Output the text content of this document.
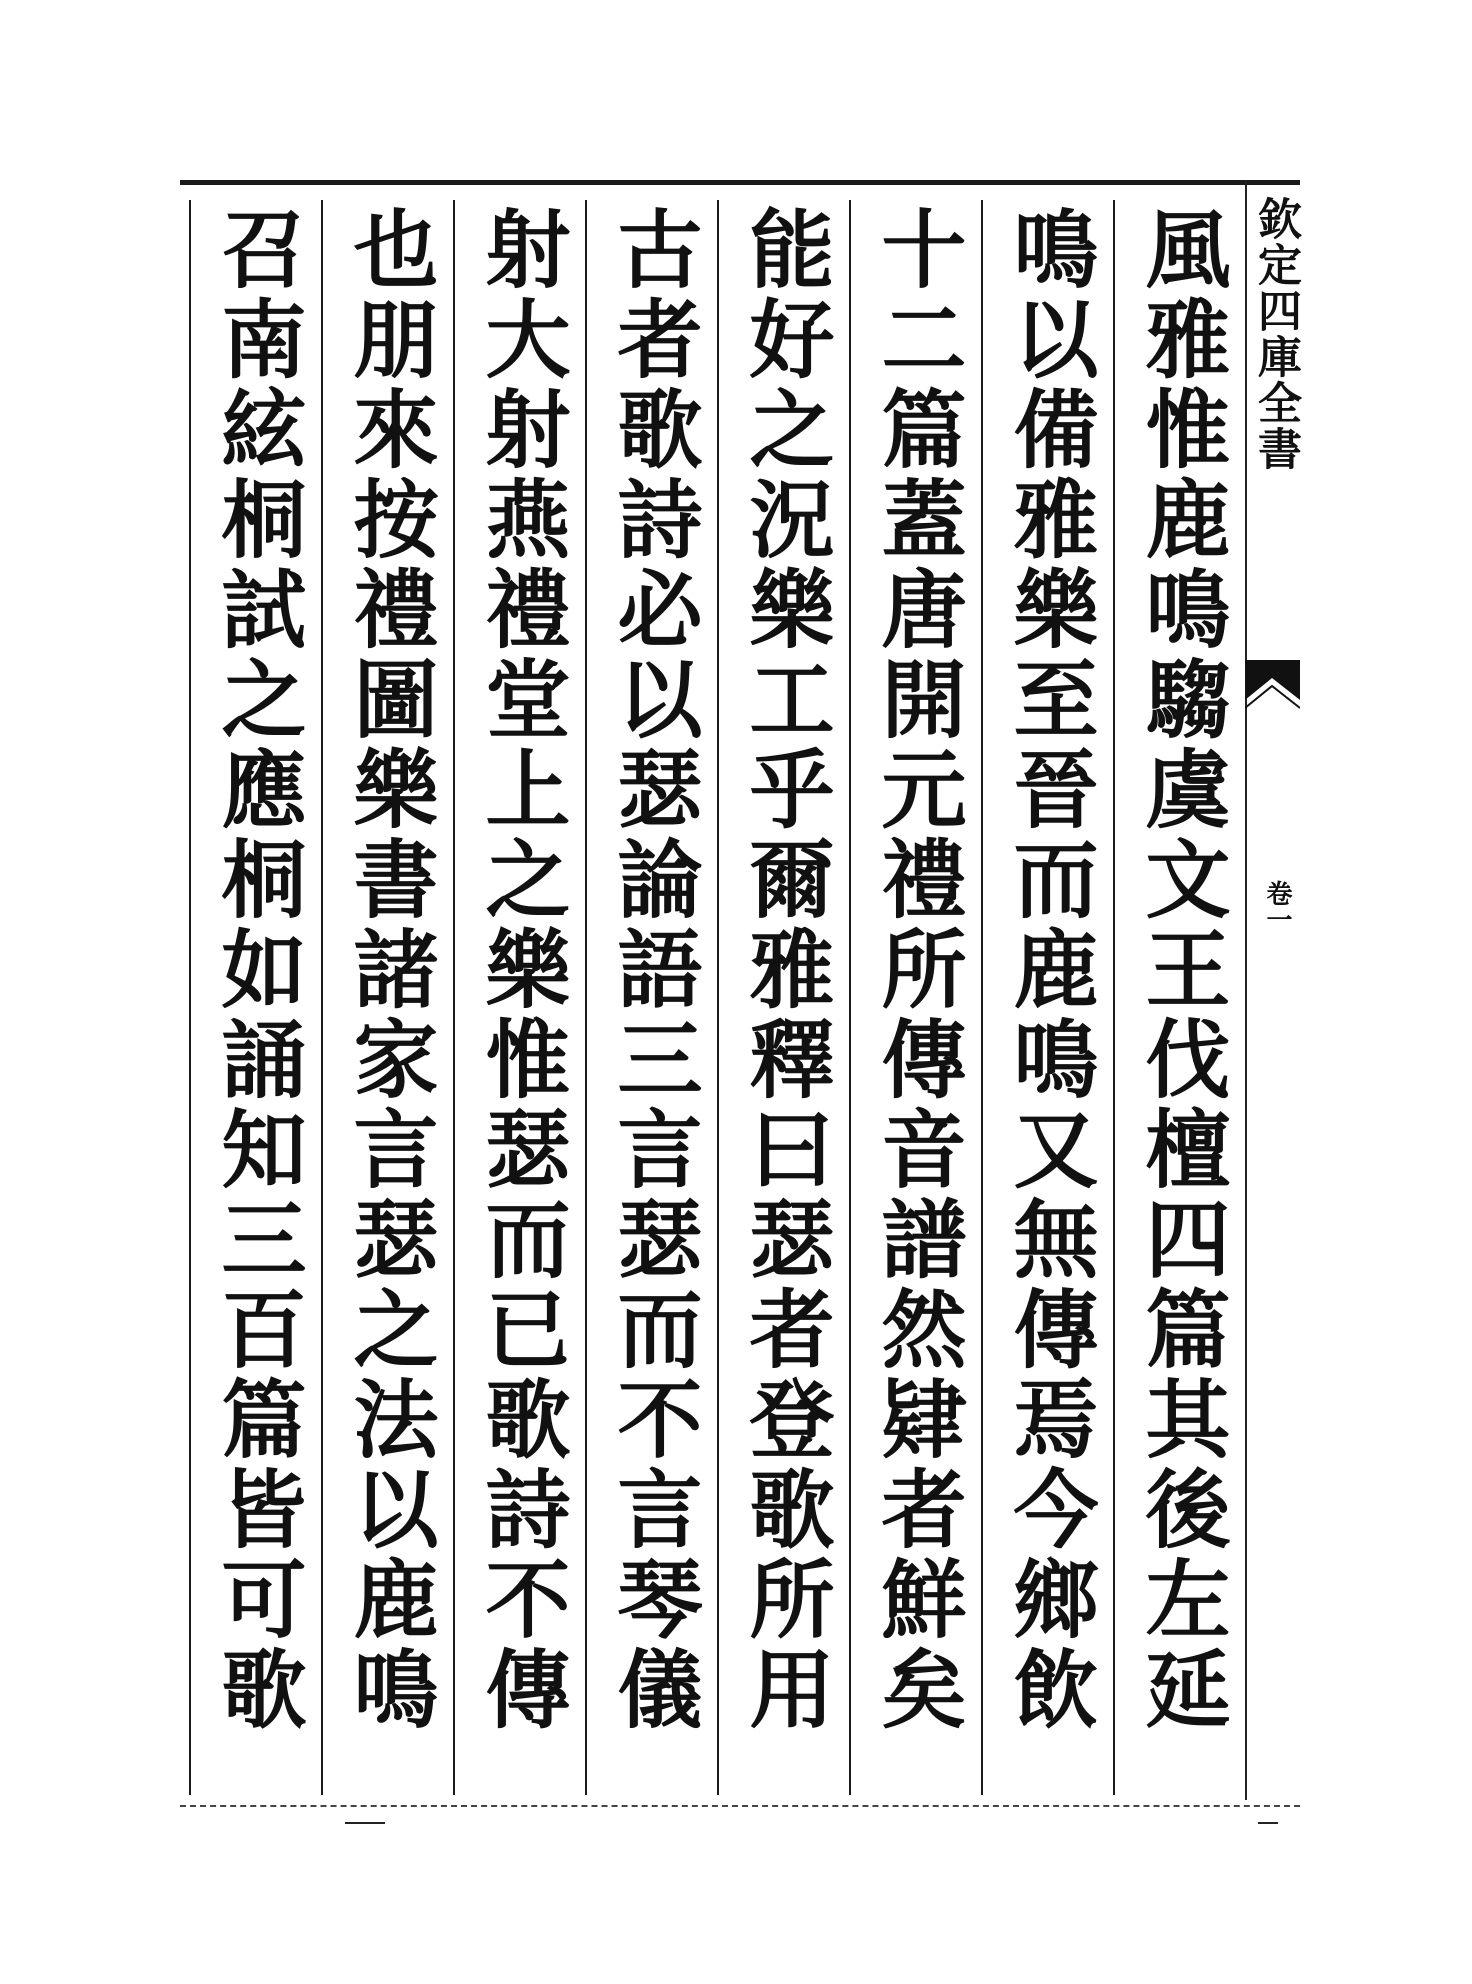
欽定四庫全書
卷一
風雅惟鹿鳴騶虞文王伐檀四篇其後左延
鳴以備雅樂至晉而鹿鳴又無傳焉今鄉飲
十二篇蓋唐開元禮所傳音譜然肄者鮮矣
能好之況樂工乎爾雅釋曰瑟者登歌所用
古者歌詩必以瑟論語三言瑟而不言琴儀
射大射燕禮堂上之樂惟瑟而已歌詩不傳
也朋來按禮圖樂書諸家言瑟之法以鹿鳴
召南絃桐試之應桐如誦知三百篇皆可歌
